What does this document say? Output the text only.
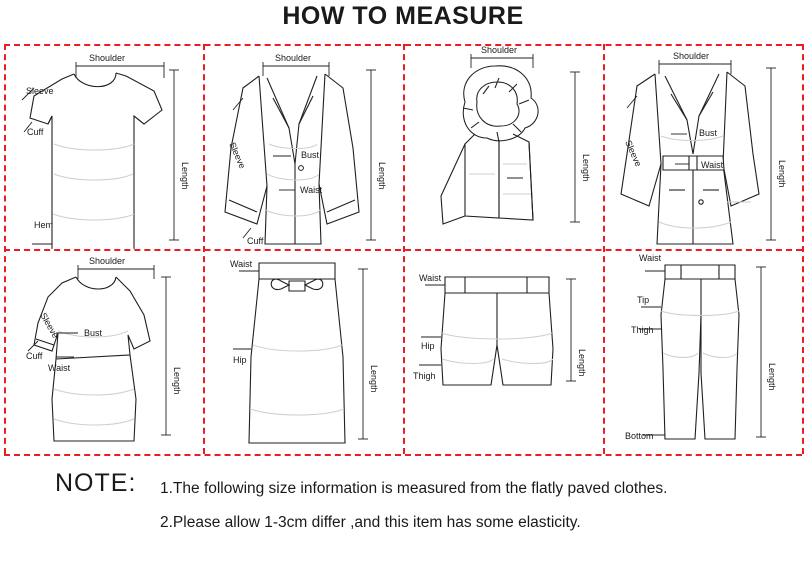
HOW TO MEASURE
Shoulder
Sleeve
Cuff
Hem
Length
Shoulder
Sleeve	Bust
Waist
Cuff
Length
Shoulder
Length
Shoulder
Sleeve
Bust
Waist	Length
Shoulder
Sleeve	Bust
Cuff
Waist	Length
Waist
Hip
Length
Waist
Hip
Thigh	Length
Waist
Tip
Thigh
Bottom
Length
NOTE: 1.The following size information is measured from the flatly paved clothes.
2.Please allow 1-3cm differ ,and this item has some elasticity.
